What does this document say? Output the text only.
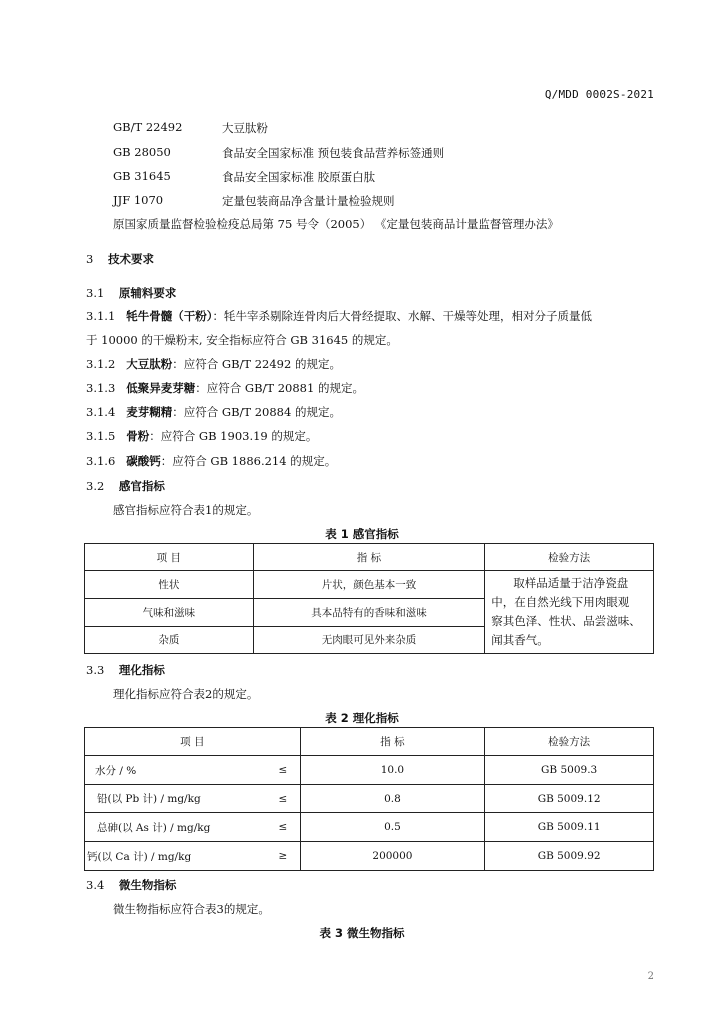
Q/MDD 0002S-2021
GB/T 22492	大豆肽粉
GB 28050	食品安全国家标准 预包装食品营养标签通则
GB 31645	食品安全国家标准 胶原蛋白肽
JJF 1070	定量包装商品净含量计量检验规则
原国家质量监督检验检疫总局第 75 号令（2005） 《定量包装商品计量监督管理办法》
3 技术要求
3.1 原辅料要求
3.1.1 牦牛骨髓（干粉）：牦牛宰杀剔除连骨肉后大骨经提取、水解、干燥等处理，相对分子质量低
于 10000 的干燥粉末, 安全指标应符合 GB 31645 的规定。
3.1.2 大豆肽粉：应符合 GB/T 22492 的规定。
3.1.3 低聚异麦芽糖：应符合 GB/T 20881 的规定。
3.1.4 麦芽糊精：应符合 GB/T 20884 的规定。
3.1.5 骨粉：应符合 GB 1903.19 的规定。
3.1.6 碳酸钙：应符合 GB 1886.214 的规定。
3.2 感官指标
感官指标应符合表1的规定。
表 1 感官指标
项 目	指 标	检验方法
性状	片状，颜色基本一致	取样品适量于洁净瓷盘
中，在自然光线下用肉眼观
察其色泽、性状、品尝滋味、
闻其香气。

气味和滋味	具本品特有的香味和滋味	
杂质	无肉眼可见外来杂质	
3.3 理化指标
理化指标应符合表2的规定。
表 2 理化指标
项 目		指 标	检验方法
水分 / %	≤	10.0	GB 5009.3
铅(以 Pb 计) / mg/kg	≤	0.8	GB 5009.12
总砷(以 As 计) / mg/kg	≤	0.5	GB 5009.11
钙(以 Ca 计) / mg/kg	≥	200000	GB 5009.92
3.4 微生物指标
微生物指标应符合表3的规定。
表 3 微生物指标
2
